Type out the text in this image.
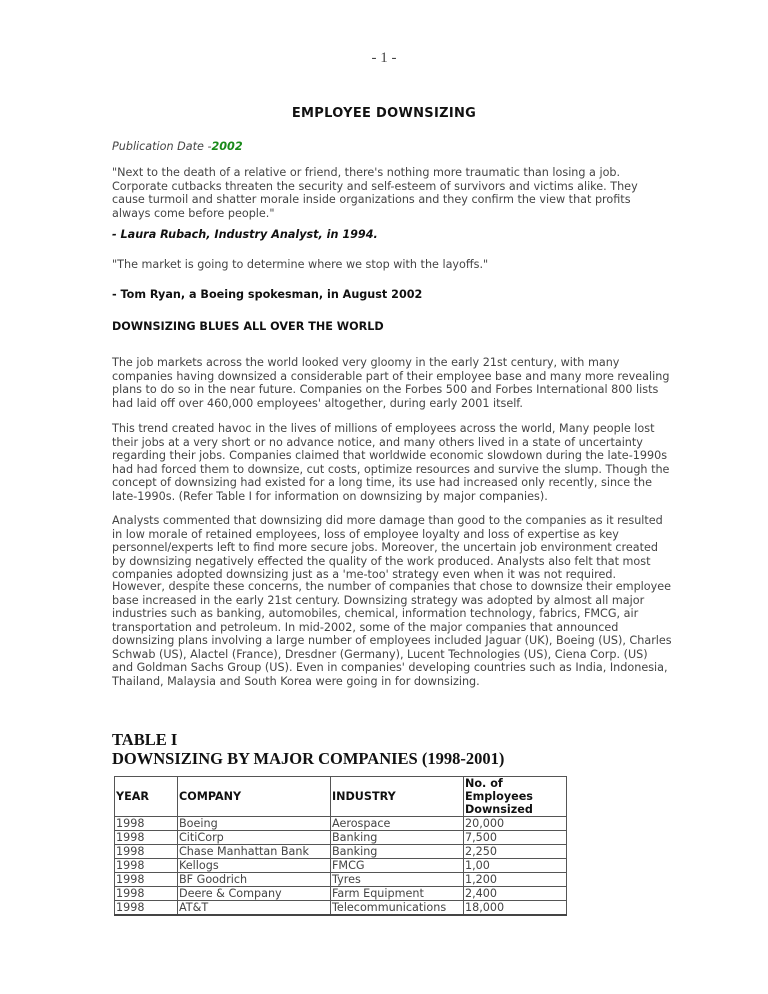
- 1 -
EMPLOYEE DOWNSIZING

Publication Date -2002

"Next to the death of a relative or friend, there's nothing more traumatic than losing a job. Corporate cutbacks threaten the security and self-esteem of survivors and victims alike. They cause turmoil and shatter morale inside organizations and they confirm the view that profits always come before people."

- Laura Rubach, Industry Analyst, in 1994.

"The market is going to determine where we stop with the layoffs."

- Tom Ryan, a Boeing spokesman, in August 2002

DOWNSIZING BLUES ALL OVER THE WORLD

The job markets across the world looked very gloomy in the early 21st century, with many companies having downsized a considerable part of their employee base and many more revealing plans to do so in the near future. Companies on the Forbes 500 and Forbes International 800 lists had laid off over 460,000 employees' altogether, during early 2001 itself.

This trend created havoc in the lives of millions of employees across the world, Many people lost their jobs at a very short or no advance notice, and many others lived in a state of uncertainty regarding their jobs. Companies claimed that worldwide economic slowdown during the late-1990s had had forced them to downsize, cut costs, optimize resources and survive the slump. Though the concept of downsizing had existed for a long time, its use had increased only recently, since the late-1990s. (Refer Table I for information on downsizing by major companies).

Analysts commented that downsizing did more damage than good to the companies as it resulted in low morale of retained employees, loss of employee loyalty and loss of expertise as key personnel/experts left to find more secure jobs. Moreover, the uncertain job environment created by downsizing negatively effected the quality of the work produced. Analysts also felt that most companies adopted downsizing just as a 'me-too' strategy even when it was not required.

However, despite these concerns, the number of companies that chose to downsize their employee base increased in the early 21st century. Downsizing strategy was adopted by almost all major industries such as banking, automobiles, chemical, information technology, fabrics, FMCG, air transportation and petroleum. In mid-2002, some of the major companies that announced downsizing plans involving a large number of employees included Jaguar (UK), Boeing (US), Charles Schwab (US), Alactel (France), Dresdner (Germany), Lucent Technologies (US), Ciena Corp. (US) and Goldman Sachs Group (US). Even in companies' developing countries such as India, Indonesia, Thailand, Malaysia and South Korea were going in for downsizing.

TABLE I
DOWNSIZING BY MAJOR COMPANIES (1998-2001)
YEAR	COMPANY	INDUSTRY	No. of Employees Downsized
1998	Boeing	Aerospace	20,000
1998	CitiCorp	Banking	7,500
1998	Chase Manhattan Bank	Banking	2,250
1998	Kellogs	FMCG	1,00
1998	BF Goodrich	Tyres	1,200
1998	Deere & Company	Farm Equipment	2,400
1998	AT&T	Telecommunications	18,000
